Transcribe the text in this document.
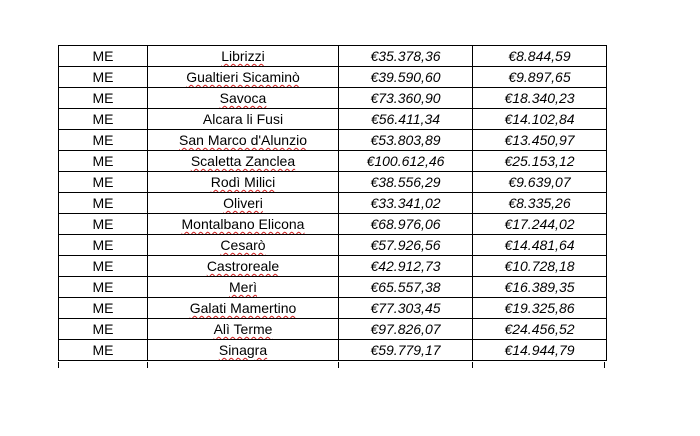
ME	Librizzi	€35.378,36	€8.844,59
ME	Gualtieri Sicaminò	€39.590,60	€9.897,65
ME	Savoca	€73.360,90	€18.340,23
ME	Alcara li Fusi	€56.411,34	€14.102,84
ME	San Marco d'Alunzio	€53.803,89	€13.450,97
ME	Scaletta Zanclea	€100.612,46	€25.153,12
ME	Rodì Milici	€38.556,29	€9.639,07
ME	Oliveri	€33.341,02	€8.335,26
ME	Montalbano Elicona	€68.976,06	€17.244,02
ME	Cesarò	€57.926,56	€14.481,64
ME	Castroreale	€42.912,73	€10.728,18
ME	Merì	€65.557,38	€16.389,35
ME	Galati Mamertino	€77.303,45	€19.325,86
ME	Alì Terme	€97.826,07	€24.456,52
ME	Sinagra	€59.779,17	€14.944,79
